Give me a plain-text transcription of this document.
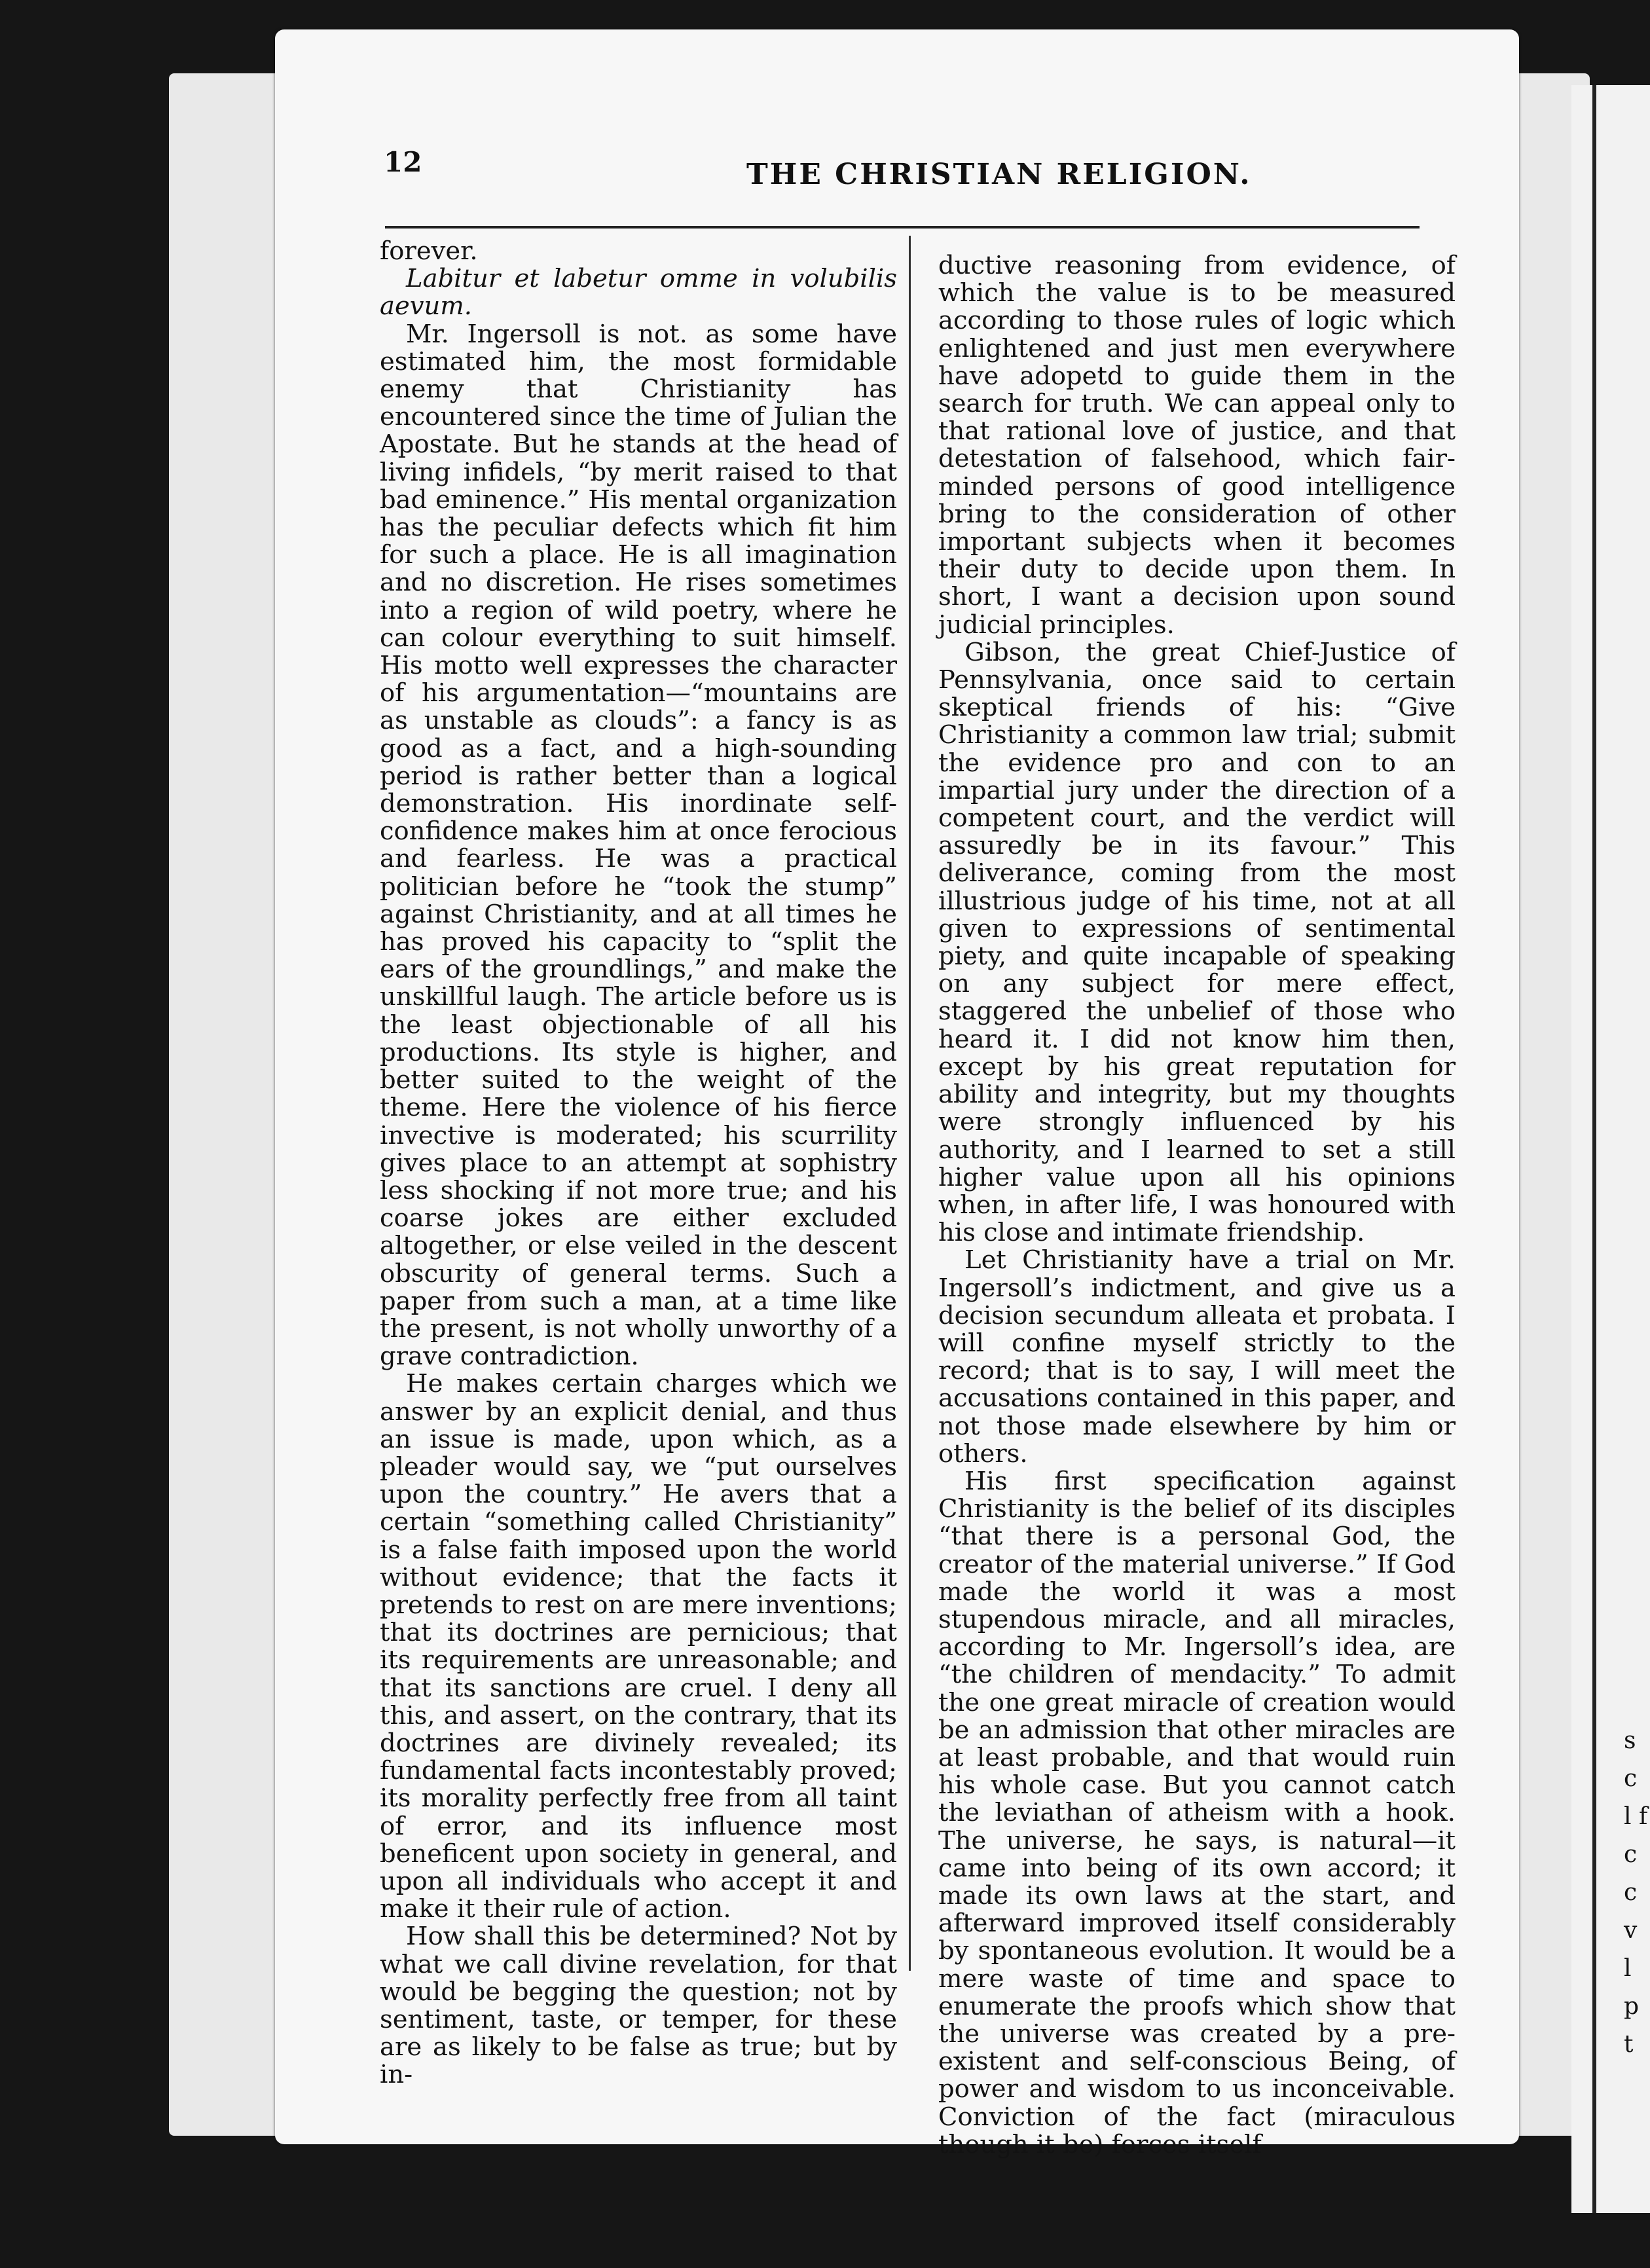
12	THE CHRISTIAN RELIGION.

forever.

Labitur et labetur omme in volubilis aevum.

Mr. Ingersoll is not. as some have estimated him, the most formidable enemy that Christianity has encountered since the time of Julian the Apostate. But he stands at the head of living infidels, “by merit raised to that bad eminence.” His mental organization has the peculiar defects which fit him for such a place. He is all imagination and no discretion. He rises sometimes into a region of wild poetry, where he can colour everything to suit himself. His motto well expresses the character of his argumentation—“mountains are as unstable as clouds”: a fancy is as good as a fact, and a high-sounding period is rather better than a logical demonstration. His inordinate self-confidence makes him at once ferocious and fearless. He was a practical politician before he “took the stump” against Christianity, and at all times he has proved his capacity to “split the ears of the groundlings,” and make the unskillful laugh. The article before us is the least objectionable of all his productions. Its style is higher, and better suited to the weight of the theme. Here the violence of his fierce invective is moderated; his scurrility gives place to an attempt at sophistry less shocking if not more true; and his coarse jokes are either excluded altogether, or else veiled in the descent obscurity of general terms. Such a paper from such a man, at a time like the present, is not wholly unworthy of a grave contradiction.

He makes certain charges which we answer by an explicit denial, and thus an issue is made, upon which, as a pleader would say, we “put ourselves upon the country.” He avers that a certain “something called Christianity” is a false faith imposed upon the world without evidence; that the facts it pretends to rest on are mere inventions; that its doctrines are pernicious; that its requirements are unreasonable; and that its sanctions are cruel. I deny all this, and assert, on the contrary, that its doctrines are divinely revealed; its fundamental facts incontestably proved; its morality perfectly free from all taint of error, and its influence most beneficent upon society in general, and upon all individuals who accept it and make it their rule of action.

How shall this be determined? Not by what we call divine revelation, for that would be begging the question; not by sentiment, taste, or temper, for these are as likely to be false as true; but by in-

ductive reasoning from evidence, of which the value is to be measured according to those rules of logic which enlightened and just men everywhere have adopetd to guide them in the search for truth. We can appeal only to that rational love of justice, and that detestation of falsehood, which fair-minded persons of good intelligence bring to the consideration of other important subjects when it becomes their duty to decide upon them. In short, I want a decision upon sound judicial principles.

Gibson, the great Chief-Justice of Pennsylvania, once said to certain skeptical friends of his: “Give Christianity a common law trial; submit the evidence pro and con to an impartial jury under the direction of a competent court, and the verdict will assuredly be in its favour.” This deliverance, coming from the most illustrious judge of his time, not at all given to expressions of sentimental piety, and quite incapable of speaking on any subject for mere effect, staggered the unbelief of those who heard it. I did not know him then, except by his great reputation for ability and integrity, but my thoughts were strongly influenced by his authority, and I learned to set a still higher value upon all his opinions when, in after life, I was honoured with his close and intimate friendship.

Let Christianity have a trial on Mr. Ingersoll’s indictment, and give us a decision secundum alleata et probata. I will confine myself strictly to the record; that is to say, I will meet the accusations contained in this paper, and not those made elsewhere by him or others.

His first specification against Christianity is the belief of its disciples “that there is a personal God, the creator of the material universe.” If God made the world it was a most stupendous miracle, and all miracles, according to Mr. Ingersoll’s idea, are “the children of mendacity.” To admit the one great miracle of creation would be an admission that other miracles are at least probable, and that would ruin his whole case. But you cannot catch the leviathan of atheism with a hook. The universe, he says, is natural—it came into being of its own accord; it made its own laws at the start, and afterward improved itself considerably by spontaneous evolution. It would be a mere waste of time and space to enumerate the proofs which show that the universe was created by a pre-existent and self-conscious Being, of power and wisdom to us inconceivable. Conviction of the fact (miraculous though it be) forces itself

s c l f c c v l p t
